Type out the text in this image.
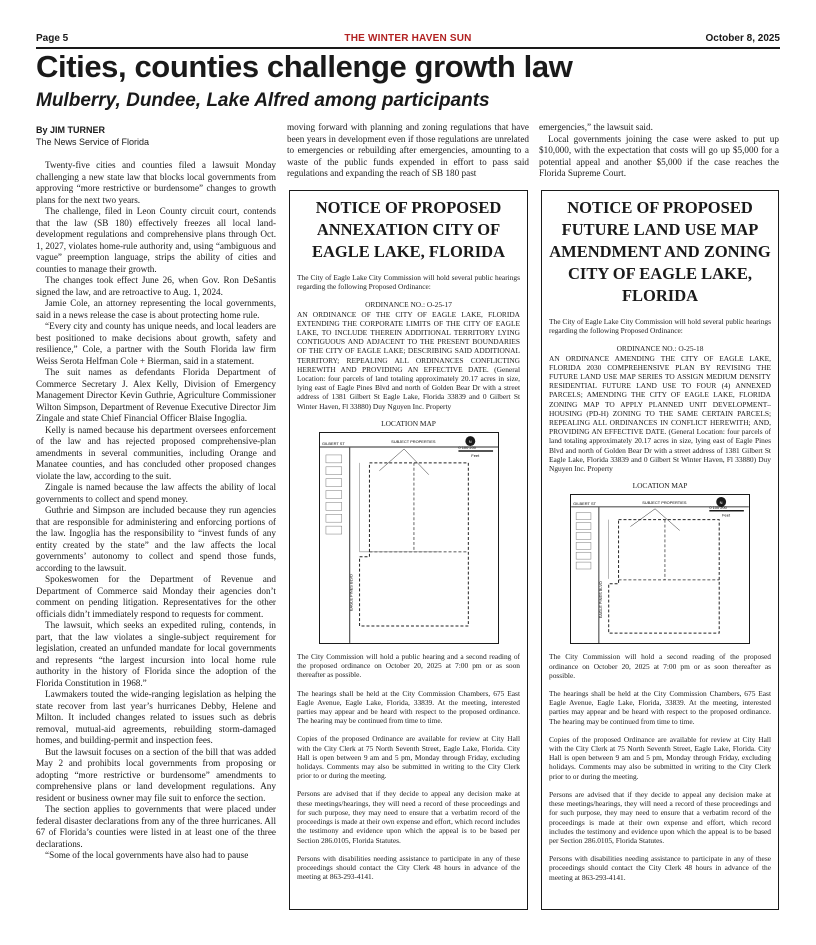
Page 5	THE WINTER HAVEN SUN	October 8, 2025
Cities, counties challenge growth law
Mulberry, Dundee, Lake Alfred among participants
By JIM TURNER
The News Service of Florida

Twenty-five cities and counties filed a lawsuit Monday challenging a new state law that blocks local governments from approving “more restrictive or burdensome” changes to growth plans for the next two years.

The challenge, filed in Leon County circuit court, contends that the law (SB 180) effectively freezes all local land-development regulations and comprehensive plans through Oct. 1, 2027, violates home-rule authority and, using “ambiguous and vague” preemption language, strips the ability of cities and counties to manage their growth.

The changes took effect June 26, when Gov. Ron DeSantis signed the law, and are retroactive to Aug. 1, 2024.

Jamie Cole, an attorney representing the local governments, said in a news release the case is about protecting home rule.

“Every city and county has unique needs, and local leaders are best positioned to make decisions about growth, safety and resilience,” Cole, a partner with the South Florida law firm Weiss Serota Helfman Cole + Bierman, said in a statement.

The suit names as defendants Florida Department of Commerce Secretary J. Alex Kelly, Division of Emergency Management Director Kevin Guthrie, Agriculture Commissioner Wilton Simpson, Department of Revenue Executive Director Jim Zingale and state Chief Financial Officer Blaise Ingoglia.

Kelly is named because his department oversees enforcement of the law and has rejected proposed comprehensive-plan amendments in several communities, including Orange and Manatee counties, and has concluded other proposed changes violate the law, according to the suit.

Zingale is named because the law affects the ability of local governments to collect and spend money.

Guthrie and Simpson are included because they run agencies that are responsible for administering and enforcing portions of the law. Ingoglia has the responsibility to “invest funds of any entity created by the state” and the law affects the local governments’ autonomy to collect and spend those funds, according to the lawsuit.

Spokeswomen for the Department of Revenue and Department of Commerce said Monday their agencies don’t comment on pending litigation. Representatives for the other officials didn’t immediately respond to requests for comment.

The lawsuit, which seeks an expedited ruling, contends, in part, that the law violates a single-subject requirement for legislation, created an unfunded mandate for local governments and represents “the largest incursion into local home rule authority in the history of Florida since the adoption of the Florida Constitution in 1968.”

Lawmakers touted the wide-ranging legislation as helping the state recover from last year’s hurricanes Debby, Helene and Milton. It included changes related to issues such as debris removal, mutual-aid agreements, rebuilding storm-damaged homes, and building-permit and inspection fees.

But the lawsuit focuses on a section of the bill that was added May 2 and prohibits local governments from proposing or adopting “more restrictive or burdensome” amendments to comprehensive plans or land development regulations. Any resident or business owner may file suit to enforce the section.

The section applies to governments that were placed under federal disaster declarations from any of the three hurricanes. All 67 of Florida’s counties were listed in at least one of the three declarations.

“Some of the local governments have also had to pause

moving forward with planning and zoning regulations that have been years in development even if those regulations are unrelated to emergencies or rebuilding after emergencies, amounting to a waste of the public funds expended in effort to pass said regulations and expanding the reach of SB 180 past

emergencies,” the lawsuit said.

Local governments joining the case were asked to put up $10,000, with the expectation that costs will go up $5,000 for a potential appeal and another $5,000 if the case reaches the Florida Supreme Court.

NOTICE OF PROPOSED ANNEXATION CITY OF EAGLE LAKE, FLORIDA

The City of Eagle Lake City Commission will hold several public hearings regarding the following Proposed Ordinance:

ORDINANCE NO.: O-25-17

AN ORDINANCE OF THE CITY OF EAGLE LAKE, FLORIDA EXTENDING THE CORPORATE LIMITS OF THE CITY OF EAGLE LAKE, TO INCLUDE THEREIN ADDITIONAL TERRITORY LYING CONTIGUOUS AND ADJACENT TO THE PRESENT BOUNDARIES OF THE CITY OF EAGLE LAKE; DESCRIBING SAID ADDITIONAL TERRITORY; REPEALING ALL ORDINANCES CONFLICTING HEREWITH AND PROVIDING AN EFFECTIVE DATE. (General Location: four parcels of land totaling approximately 20.17 acres in size, lying east of Eagle Pines Blvd and north of Golden Bear Dr with a street address of 1381 Gilbert St Eagle Lake, Florida 33839 and 0 Gilbert St Winter Haven, Fl 33880) Duy Nguyen Inc. Property

LOCATION MAP
SUBJECT PROPERTIES
GILBERT ST
EAGLE PINES BLVD
N
0 100 200
Feet

The City Commission will hold a public hearing and a second reading of the proposed ordinance on October 20, 2025 at 7:00 pm or as soon thereafter as possible.

The hearings shall be held at the City Commission Chambers, 675 East Eagle Avenue, Eagle Lake, Florida, 33839. At the meeting, interested parties may appear and be heard with respect to the proposed ordinance. The hearing may be continued from time to time.

Copies of the proposed Ordinance are available for review at City Hall with the City Clerk at 75 North Seventh Street, Eagle Lake, Florida. City Hall is open between 9 am and 5 pm, Monday through Friday, excluding holidays. Comments may also be submitted in writing to the City Clerk prior to or during the meeting.

Persons are advised that if they decide to appeal any decision make at these meetings/hearings, they will need a record of these proceedings and for such purpose, they may need to ensure that a verbatim record of the proceedings is made at their own expense and effort, which record includes the testimony and evidence upon which the appeal is to be based per Section 286.0105, Florida Statutes.

Persons with disabilities needing assistance to participate in any of these proceedings should contact the City Clerk 48 hours in advance of the meeting at 863-293-4141.

NOTICE OF PROPOSED FUTURE LAND USE MAP AMENDMENT AND ZONING CITY OF EAGLE LAKE, FLORIDA

The City of Eagle Lake City Commission will hold several public hearings regarding the following Proposed Ordinance:

ORDINANCE NO.: O-25-18

AN ORDINANCE AMENDING THE CITY OF EAGLE LAKE, FLORIDA 2030 COMPREHENSIVE PLAN BY REVISING THE FUTURE LAND USE MAP SERIES TO ASSIGN MEDIUM DENSITY RESIDENTIAL FUTURE LAND USE TO FOUR (4) ANNEXED PARCELS; AMENDING THE CITY OF EAGLE LAKE, FLORIDA ZONING MAP TO APPLY PLANNED UNIT DEVELOPMENT–HOUSING (PD-H) ZONING TO THE SAME CERTAIN PARCELS; REPEALING ALL ORDINANCES IN CONFLICT HEREWITH; AND, PROVIDING AN EFFECTIVE DATE. (General Location: four parcels of land totaling approximately 20.17 acres in size, lying east of Eagle Pines Blvd and north of Golden Bear Dr with a street address of 1381 Gilbert St Eagle Lake, Florida 33839 and 0 Gilbert St Winter Haven, Fl 33880) Duy Nguyen Inc. Property

LOCATION MAP
SUBJECT PROPERTIES
GILBERT ST
EAGLE PINES BLVD
N
0 100 200
Feet

The City Commission will hold a second reading of the proposed ordinance on October 20, 2025 at 7:00 pm or as soon thereafter as possible.

The hearings shall be held at the City Commission Chambers, 675 East Eagle Avenue, Eagle Lake, Florida, 33839. At the meeting, interested parties may appear and be heard with respect to the proposed ordinance. The hearing may be continued from time to time.

Copies of the proposed Ordinance are available for review at City Hall with the City Clerk at 75 North Seventh Street, Eagle Lake, Florida. City Hall is open between 9 am and 5 pm, Monday through Friday, excluding holidays. Comments may also be submitted in writing to the City Clerk prior to or during the meeting.

Persons are advised that if they decide to appeal any decision make at these meetings/hearings, they will need a record of these proceedings and for such purpose, they may need to ensure that a verbatim record of the proceedings is made at their own expense and effort, which record includes the testimony and evidence upon which the appeal is to be based per Section 286.0105, Florida Statutes.

Persons with disabilities needing assistance to participate in any of these proceedings should contact the City Clerk 48 hours in advance of the meeting at 863-293-4141.
